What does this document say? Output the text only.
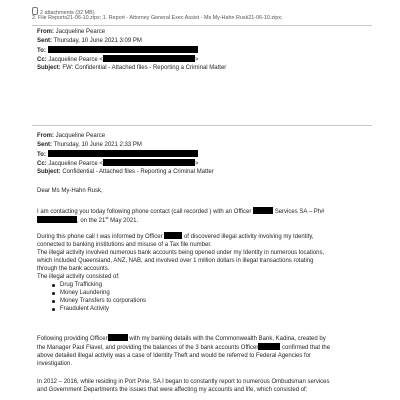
2 attachments (32 MB)
2. File Reports21-06-10.zipx; 1. Report - Attorney General Exec Assist - Ms My-Hahn Rusk21-06-10.zipx;
From: Jacqueline Pearce
Sent: Thursday, 10 June 2021 3:09 PM
To:
Cc: Jacqueline Pearce <	>
Subject: FW: Confidential - Attached files - Reporting a Criminal Matter
From: Jacqueline Pearce
Sent: Thursday, 10 June 2021 2:33 PM
To:
Cc: Jacqueline Pearce <	>
Subject: Confidential - Attached files - Reporting a Criminal Matter
Dear Ms My-Hahn Rusk,

I am contacting you today following phone contact (call recorded ) with an Officer	Services SA – Ph#

, on the 21st May 2021.

During this phone call I was informed by Officer	of discovered illegal activity involving my Identity,

connected to banking institutions and misuse of a Tax file number.

The illegal activity involved numerous bank accounts being opened under my Identity in numerous locations,

which included Queensland, ANZ, NAB, and involved over 1 million dollars in illegal transactions rotating

through the bank accounts.

The illegal activity consisted of:

Drug Trafficking
Money Laundering
Money Transfers to corporations
Fraudulent Activity

Following providing Officer	with my banking details with the Commonwealth Bank, Kadina, created by

the Manager Paul Flavel, and providing the balances of the 3 bank accounts Officer	confirmed that the

above detailed illegal activity was a case of Identity Theft and would be referred to Federal Agencies for

investigation.

In 2012 – 2016, while residing in Port Pirie, SA I began to constantly report to numerous Ombudsman services

and Government Departments the issues that were affecting my accounts and life, which consisted of:
